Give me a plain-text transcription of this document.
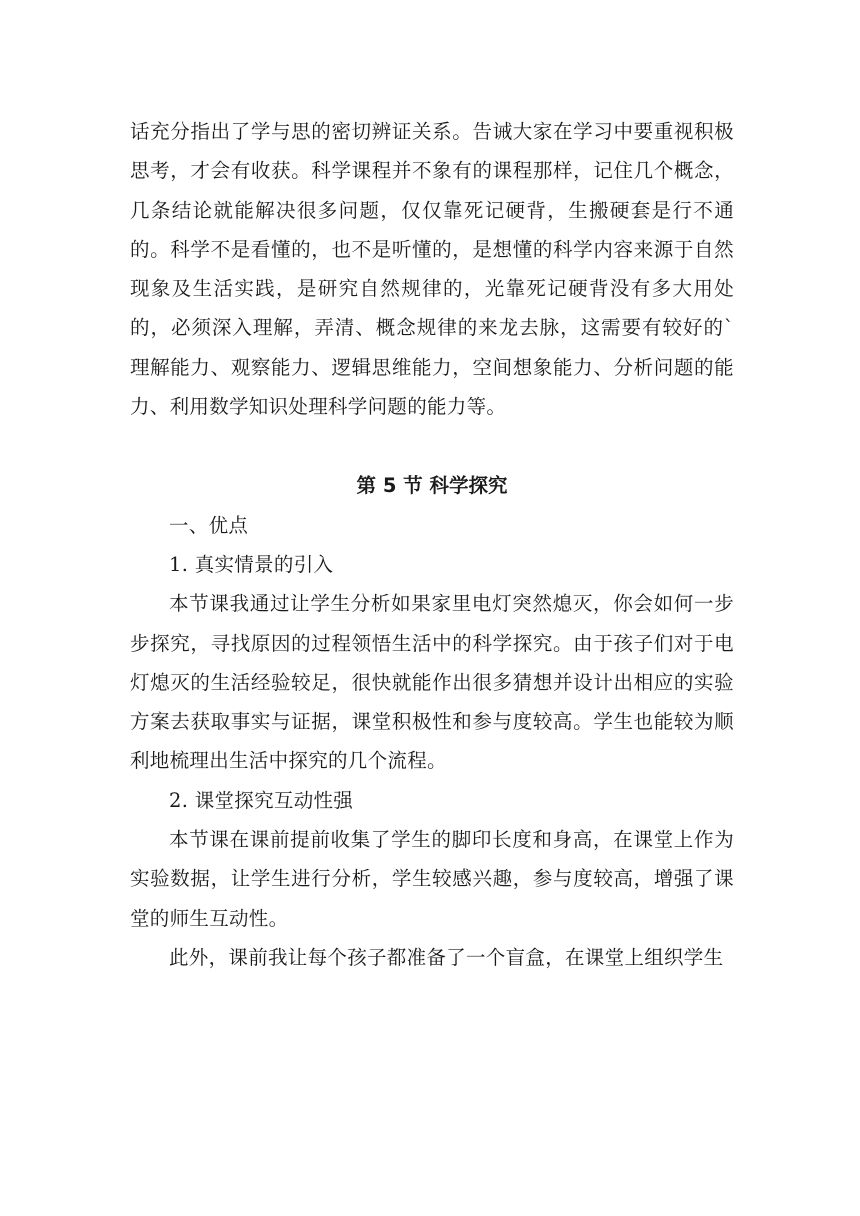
话充分指出了学与思的密切辨证关系。告诫大家在学习中要重视积极思考，才会有收获。科学课程并不象有的课程那样，记住几个概念，几条结论就能解决很多问题，仅仅靠死记硬背，生搬硬套是行不通的。科学不是看懂的，也不是听懂的，是想懂的科学内容来源于自然现象及生活实践，是研究自然规律的，光靠死记硬背没有多大用处的，必须深入理解，弄清、概念规律的来龙去脉，这需要有较好的`理解能力、观察能力、逻辑思维能力，空间想象能力、分析问题的能力、利用数学知识处理科学问题的能力等。

第 5 节 科学探究

一、优点

1. 真实情景的引入

本节课我通过让学生分析如果家里电灯突然熄灭，你会如何一步步探究，寻找原因的过程领悟生活中的科学探究。由于孩子们对于电灯熄灭的生活经验较足，很快就能作出很多猜想并设计出相应的实验方案去获取事实与证据，课堂积极性和参与度较高。学生也能较为顺利地梳理出生活中探究的几个流程。

2. 课堂探究互动性强

本节课在课前提前收集了学生的脚印长度和身高，在课堂上作为实验数据，让学生进行分析，学生较感兴趣，参与度较高，增强了课堂的师生互动性。

此外，课前我让每个孩子都准备了一个盲盒，在课堂上组织学生
